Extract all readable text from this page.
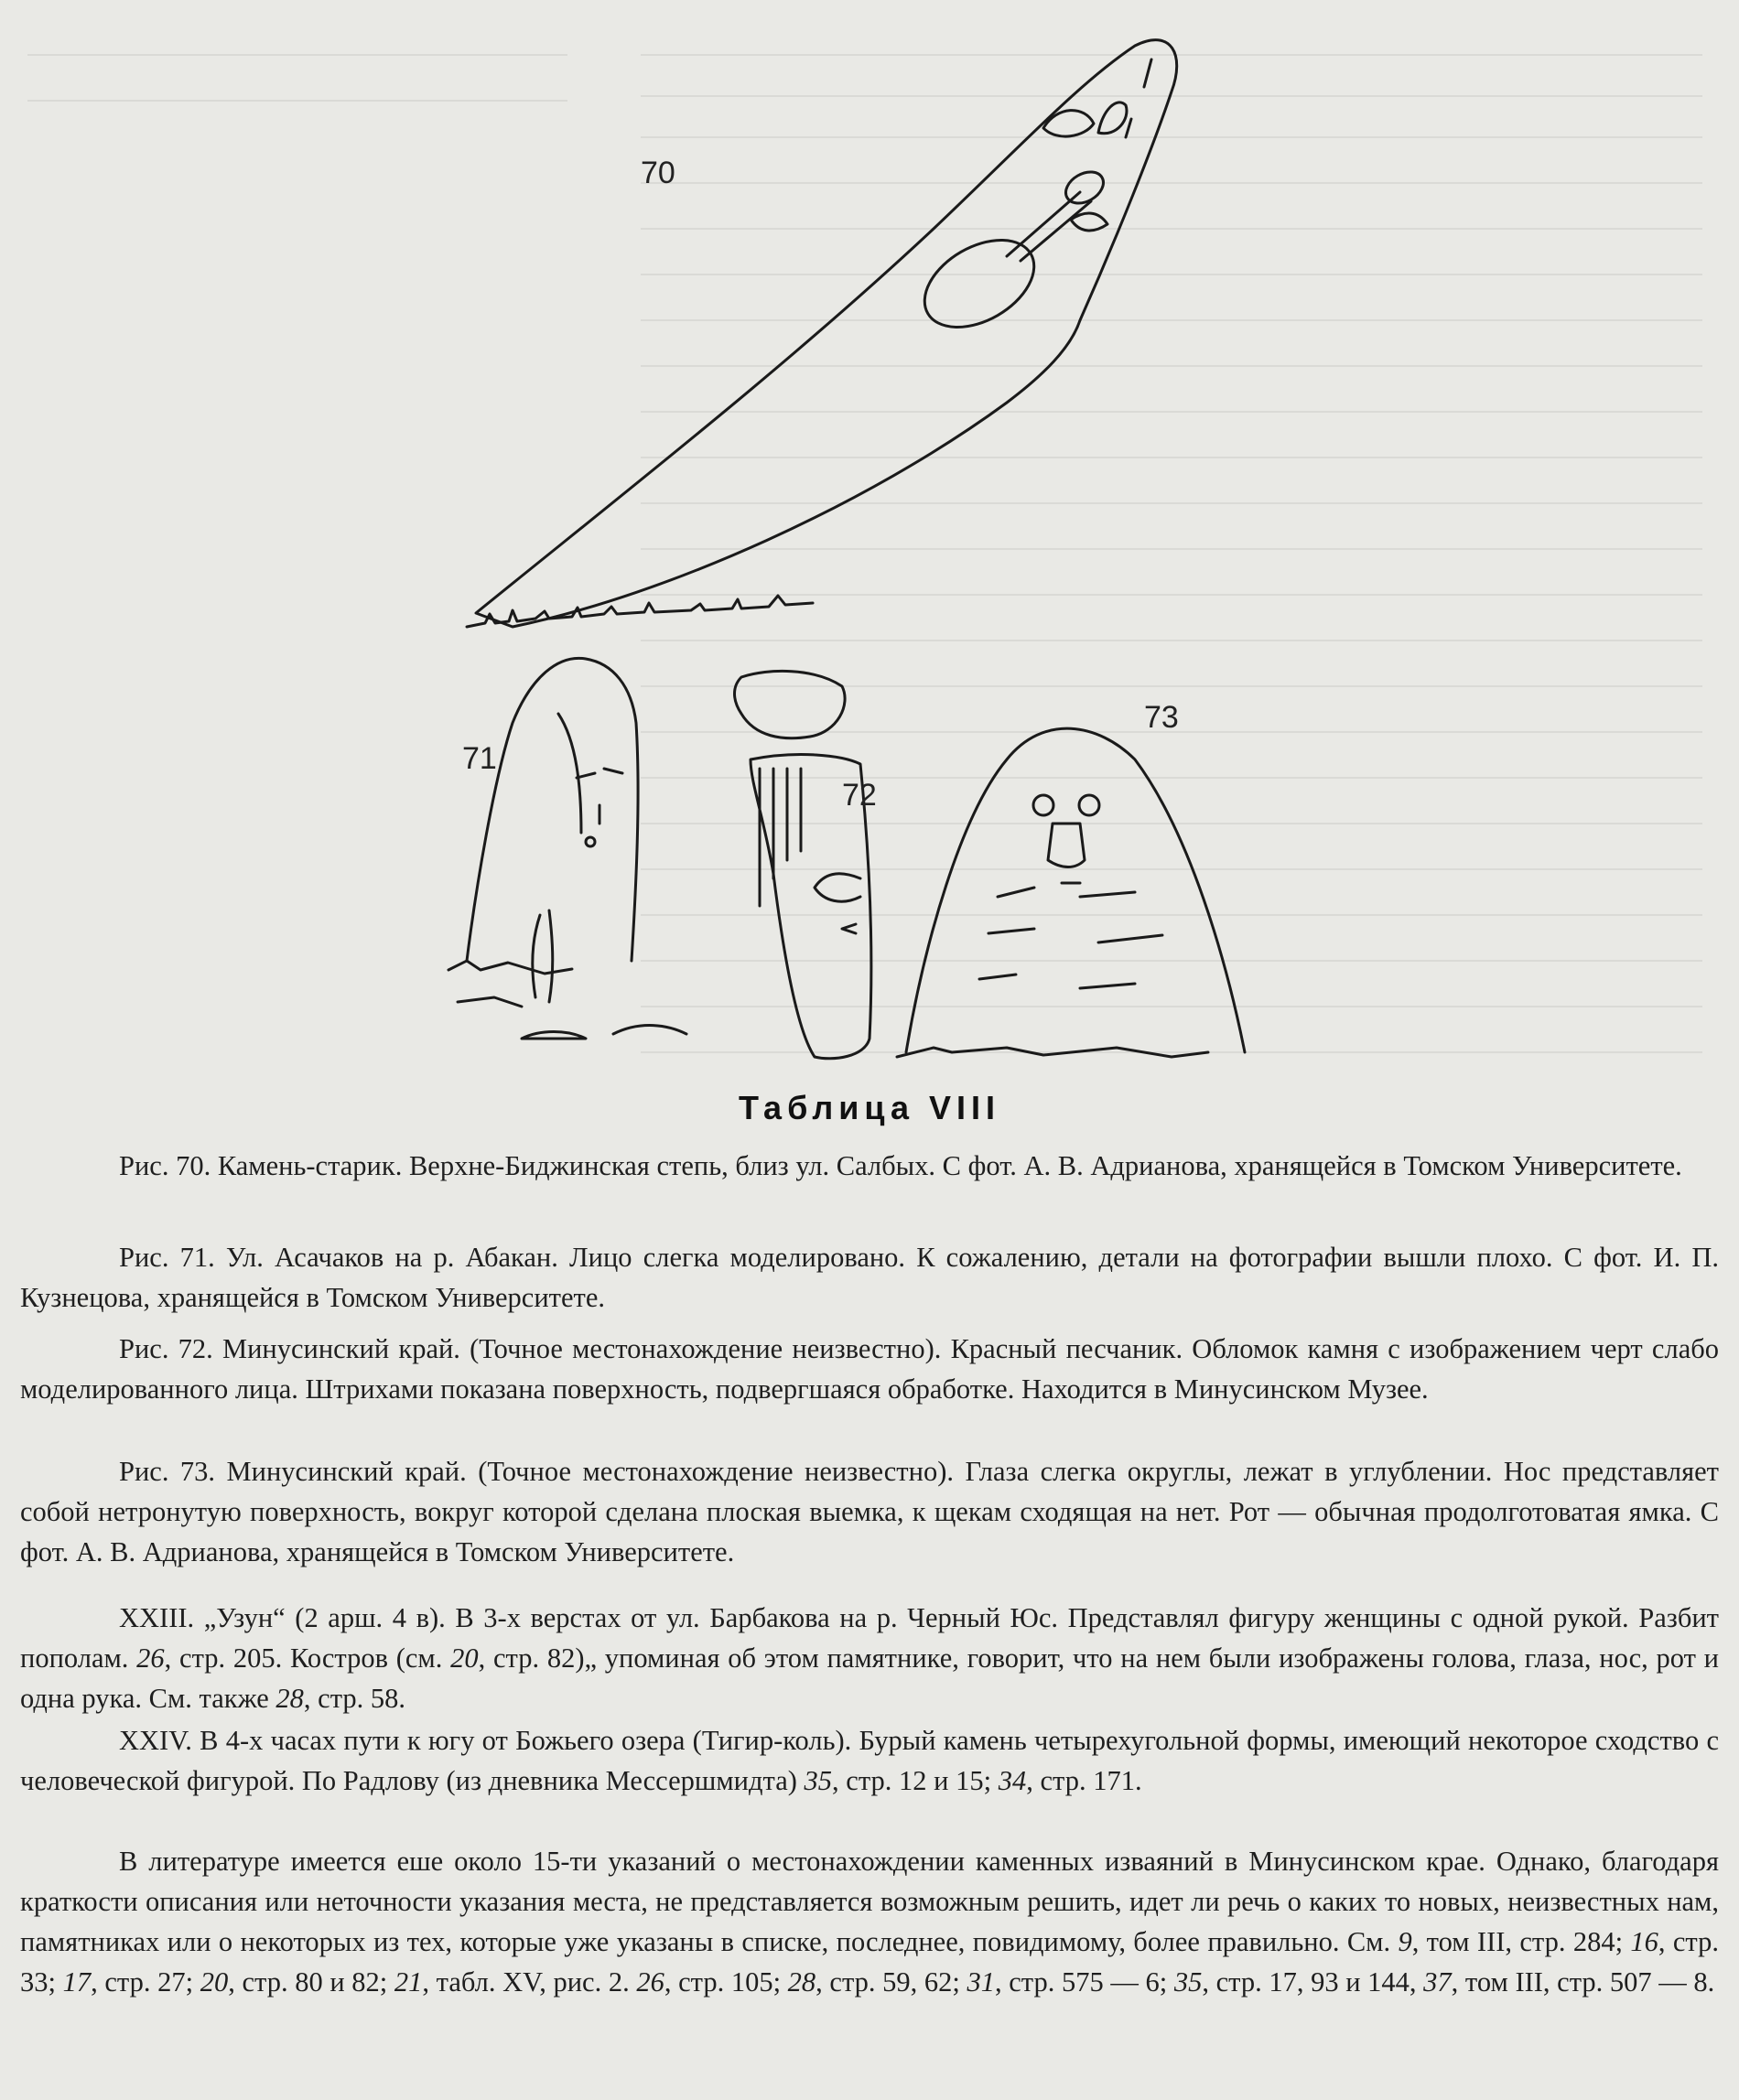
70
71
72
73
Таблица VIII

Рис. 70. Камень-старик. Верхне-Биджинская степь, близ ул. Салбых. С фот. А. В. Адрианова, хранящейся в Томском Университете.

Рис. 71. Ул. Асачаков на р. Абакан. Лицо слегка моделировано. К сожалению, детали на фотографии вышли плохо. С фот. И. П. Кузнецова, хранящейся в Томском Университете.

Рис. 72. Минусинский край. (Точное местонахождение неизвестно). Красный песчаник. Обломок камня с изображением черт слабо моделированного лица. Штрихами показана поверхность, подвергшаяся обработке. Находится в Минусинском Музее.

Рис. 73. Минусинский край. (Точное местонахождение неизвестно). Глаза слегка округлы, лежат в углублении. Нос представляет собой нетронутую поверхность, вокруг которой сделана плоская выемка, к щекам сходящая на нет. Рот — обычная продолготоватая ямка. С фот. А. В. Адрианова, хранящейся в Томском Университете.

XXIII. „Узун“ (2 арш. 4 в). В 3-х верстах от ул. Барбакова на р. Черный Юс. Представлял фигуру женщины с одной рукой. Разбит пополам. 26, стр. 205. Костров (см. 20, стр. 82)„ упоминая об этом памятнике, говорит, что на нем были изображены голова, глаза, нос, рот и одна рука. См. также 28, стр. 58.

XXIV. В 4-х часах пути к югу от Божьего озера (Тигир-коль). Бурый камень четырехугольной формы, имеющий некоторое сходство с человеческой фигурой. По Радлову (из дневника Мессершмидта) 35, стр. 12 и 15; 34, стр. 171.

В литературе имеется еше около 15-ти указаний о местонахождении каменных изваяний в Минусинском крае. Однако, благодаря краткости описания или неточности указания места, не представляется возможным решить, идет ли речь о каких то новых, неизвестных нам, памятниках или о некоторых из тех, которые уже указаны в списке, последнее, повидимому, более правильно. См. 9, том III, стр. 284; 16, стр. 33; 17, стр. 27; 20, стр. 80 и 82; 21, табл. XV, рис. 2. 26, стр. 105; 28, стр. 59, 62; 31, стр. 575 — 6; 35, стр. 17, 93 и 144, 37, том III, стр. 507 — 8.
